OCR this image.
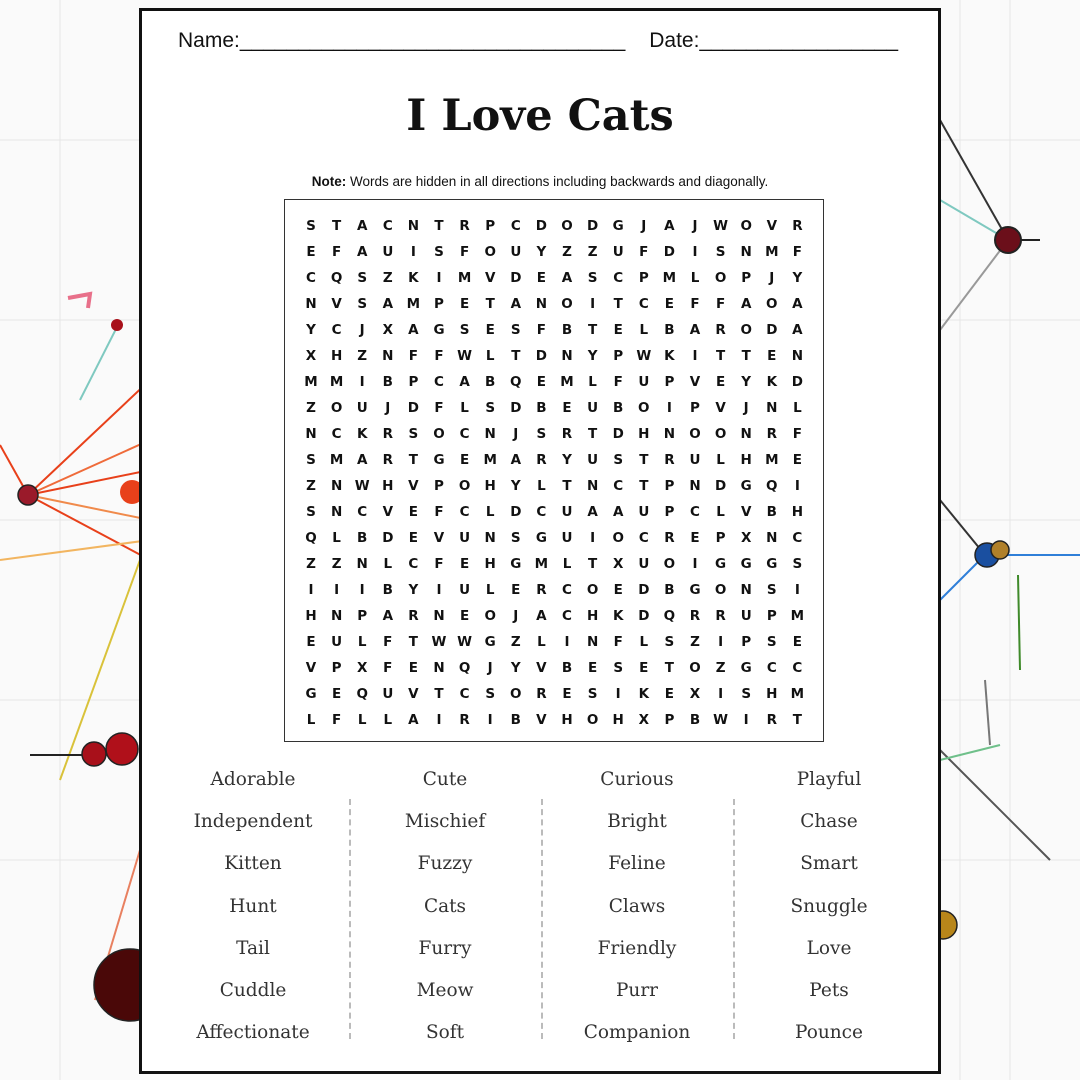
Name:_________________________________ Date:_________________
I Love Cats
Note: Words are hidden in all directions including backwards and diagonally.
S	T	A	C	N	T	R	P	C	D	O	D	G	J	A	J	W O	V	R
E	F	A	U	I	S	F	O	U	Y	Z	Z	U	F	D	I	S	N M	F
C	Q	S	Z	K	I	M	V	D	E	A	S	C	P	M	L	O	P	J	Y
N	V	S	A	M	P	E	T	A	N	O	I	T	C	E	F	F	A	O	A
Y	C	J	X	A	G	S	E	S	F	B	T	E	L	B	A	R	O	D	A
X	H	Z	N	F	F	W	L	T	D	N	Y	P W K	I	T	T	E	N
M M	I	B	P	C	A	B	Q	E	M	L	F	U	P	V	E	Y	K	D
Z	O	U	J	D	F	L	S	D	B	E	U	B	O	I	P	V	J	N	L
N	C	K	R	S	O	C	N	J	S	R	T	D	H	N	O	O	N	R	F
S	M	A	R	T	G	E	M	A	R	Y	U	S	T	R	U	L	H M	E
Z	N W H	V	P	O	H	Y	L	T	N	C	T	P	N	D	G	Q	I
S	N	C	V	E	F	C	L	D	C	U	A	A	U	P	C	L	V	B	H
Q	L	B	D	E	V	U	N	S	G	U	I	O	C	R	E	P	X	N	C
Z	Z	N	L	C	F	E	H	G M	L	T	X	U	O	I	G	G	G	S
I	I	I	B	Y	I	U	L	E	R	C	O	E	D	B	G	O	N	S	I
H	N	P	A	R	N	E	O	J	A	C	H	K	D	Q	R	R	U	P	M
E	U	L	F	T	W W G	Z	L	I	N	F	L	S	Z	I	P	S	E
V	P	X	F	E	N	Q	J	Y	V	B	E	S	E	T	O	Z	G	C	C
G	E	Q	U	V	T	C	S	O	R	E	S	I	K	E	X	I	S	H M
L	F	L	L	A	I	R	I	B	V	H	O	H	X	P	B W	I	R	T
Adorable
Independent
Kitten
Hunt
Tail
Cuddle
Affectionate
Cute
Mischief
Fuzzy
Cats
Furry
Meow
Soft
Curious
Bright
Feline
Claws
Friendly
Purr
Companion
Playful
Chase
Smart
Snuggle
Love
Pets
Pounce
